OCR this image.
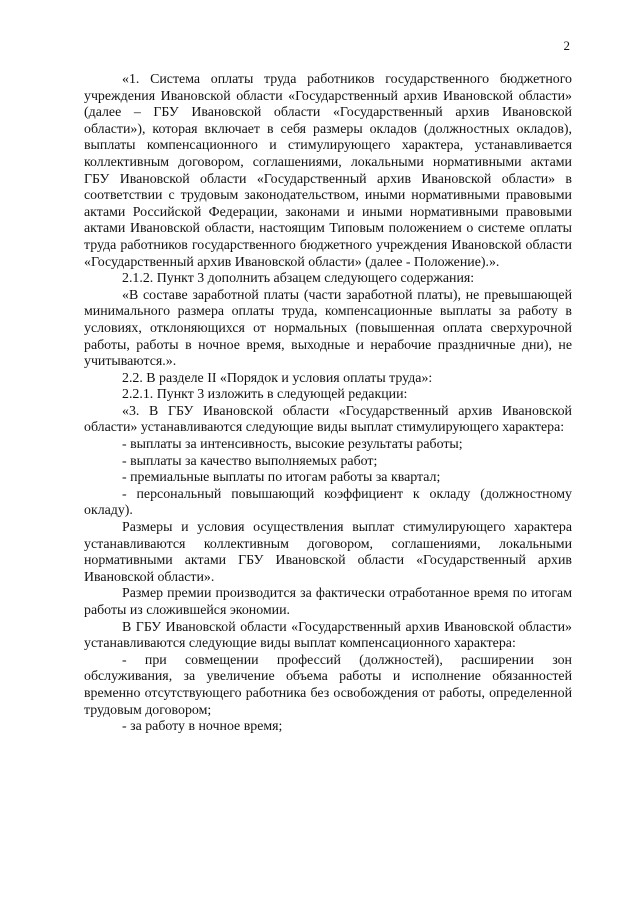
2

«1. Система оплаты труда работников государственного бюджетного учреждения Ивановской области «Государственный архив Ивановской области» (далее – ГБУ Ивановской области «Государственный архив Ивановской области»), которая включает в себя размеры окладов (должностных окладов), выплаты компенсационного и стимулирующего характера, устанавливается коллективным договором, соглашениями, локальными нормативными актами ГБУ Ивановской области «Государственный архив Ивановской области» в соответствии с трудовым законодательством, иными нормативными правовыми актами Российской Федерации, законами и иными нормативными правовыми актами Ивановской области, настоящим Типовым положением о системе оплаты труда работников государственного бюджетного учреждения Ивановской области «Государственный архив Ивановской области» (далее - Положение).».

2.1.2. Пункт 3 дополнить абзацем следующего содержания:

«В составе заработной платы (части заработной платы), не превышающей минимального размера оплаты труда, компенсационные выплаты за работу в условиях, отклоняющихся от нормальных (повышенная оплата сверхурочной работы, работы в ночное время, выходные и нерабочие праздничные дни), не учитываются.».

2.2. В разделе II «Порядок и условия оплаты труда»:

2.2.1. Пункт 3 изложить в следующей редакции:

«3. В ГБУ Ивановской области «Государственный архив Ивановской области» устанавливаются следующие виды выплат стимулирующего характера:

- выплаты за интенсивность, высокие результаты работы;

- выплаты за качество выполняемых работ;

- премиальные выплаты по итогам работы за квартал;

- персональный повышающий коэффициент к окладу (должностному окладу).

Размеры и условия осуществления выплат стимулирующего характера устанавливаются коллективным договором, соглашениями, локальными нормативными актами ГБУ Ивановской области «Государственный архив Ивановской области».

Размер премии производится за фактически отработанное время по итогам работы из сложившейся экономии.

В ГБУ Ивановской области «Государственный архив Ивановской области» устанавливаются следующие виды выплат компенсационного характера:

- при совмещении профессий (должностей), расширении зон обслуживания, за увеличение объема работы и исполнение обязанностей временно отсутствующего работника без освобождения от работы, определенной трудовым договором;

- за работу в ночное время;
